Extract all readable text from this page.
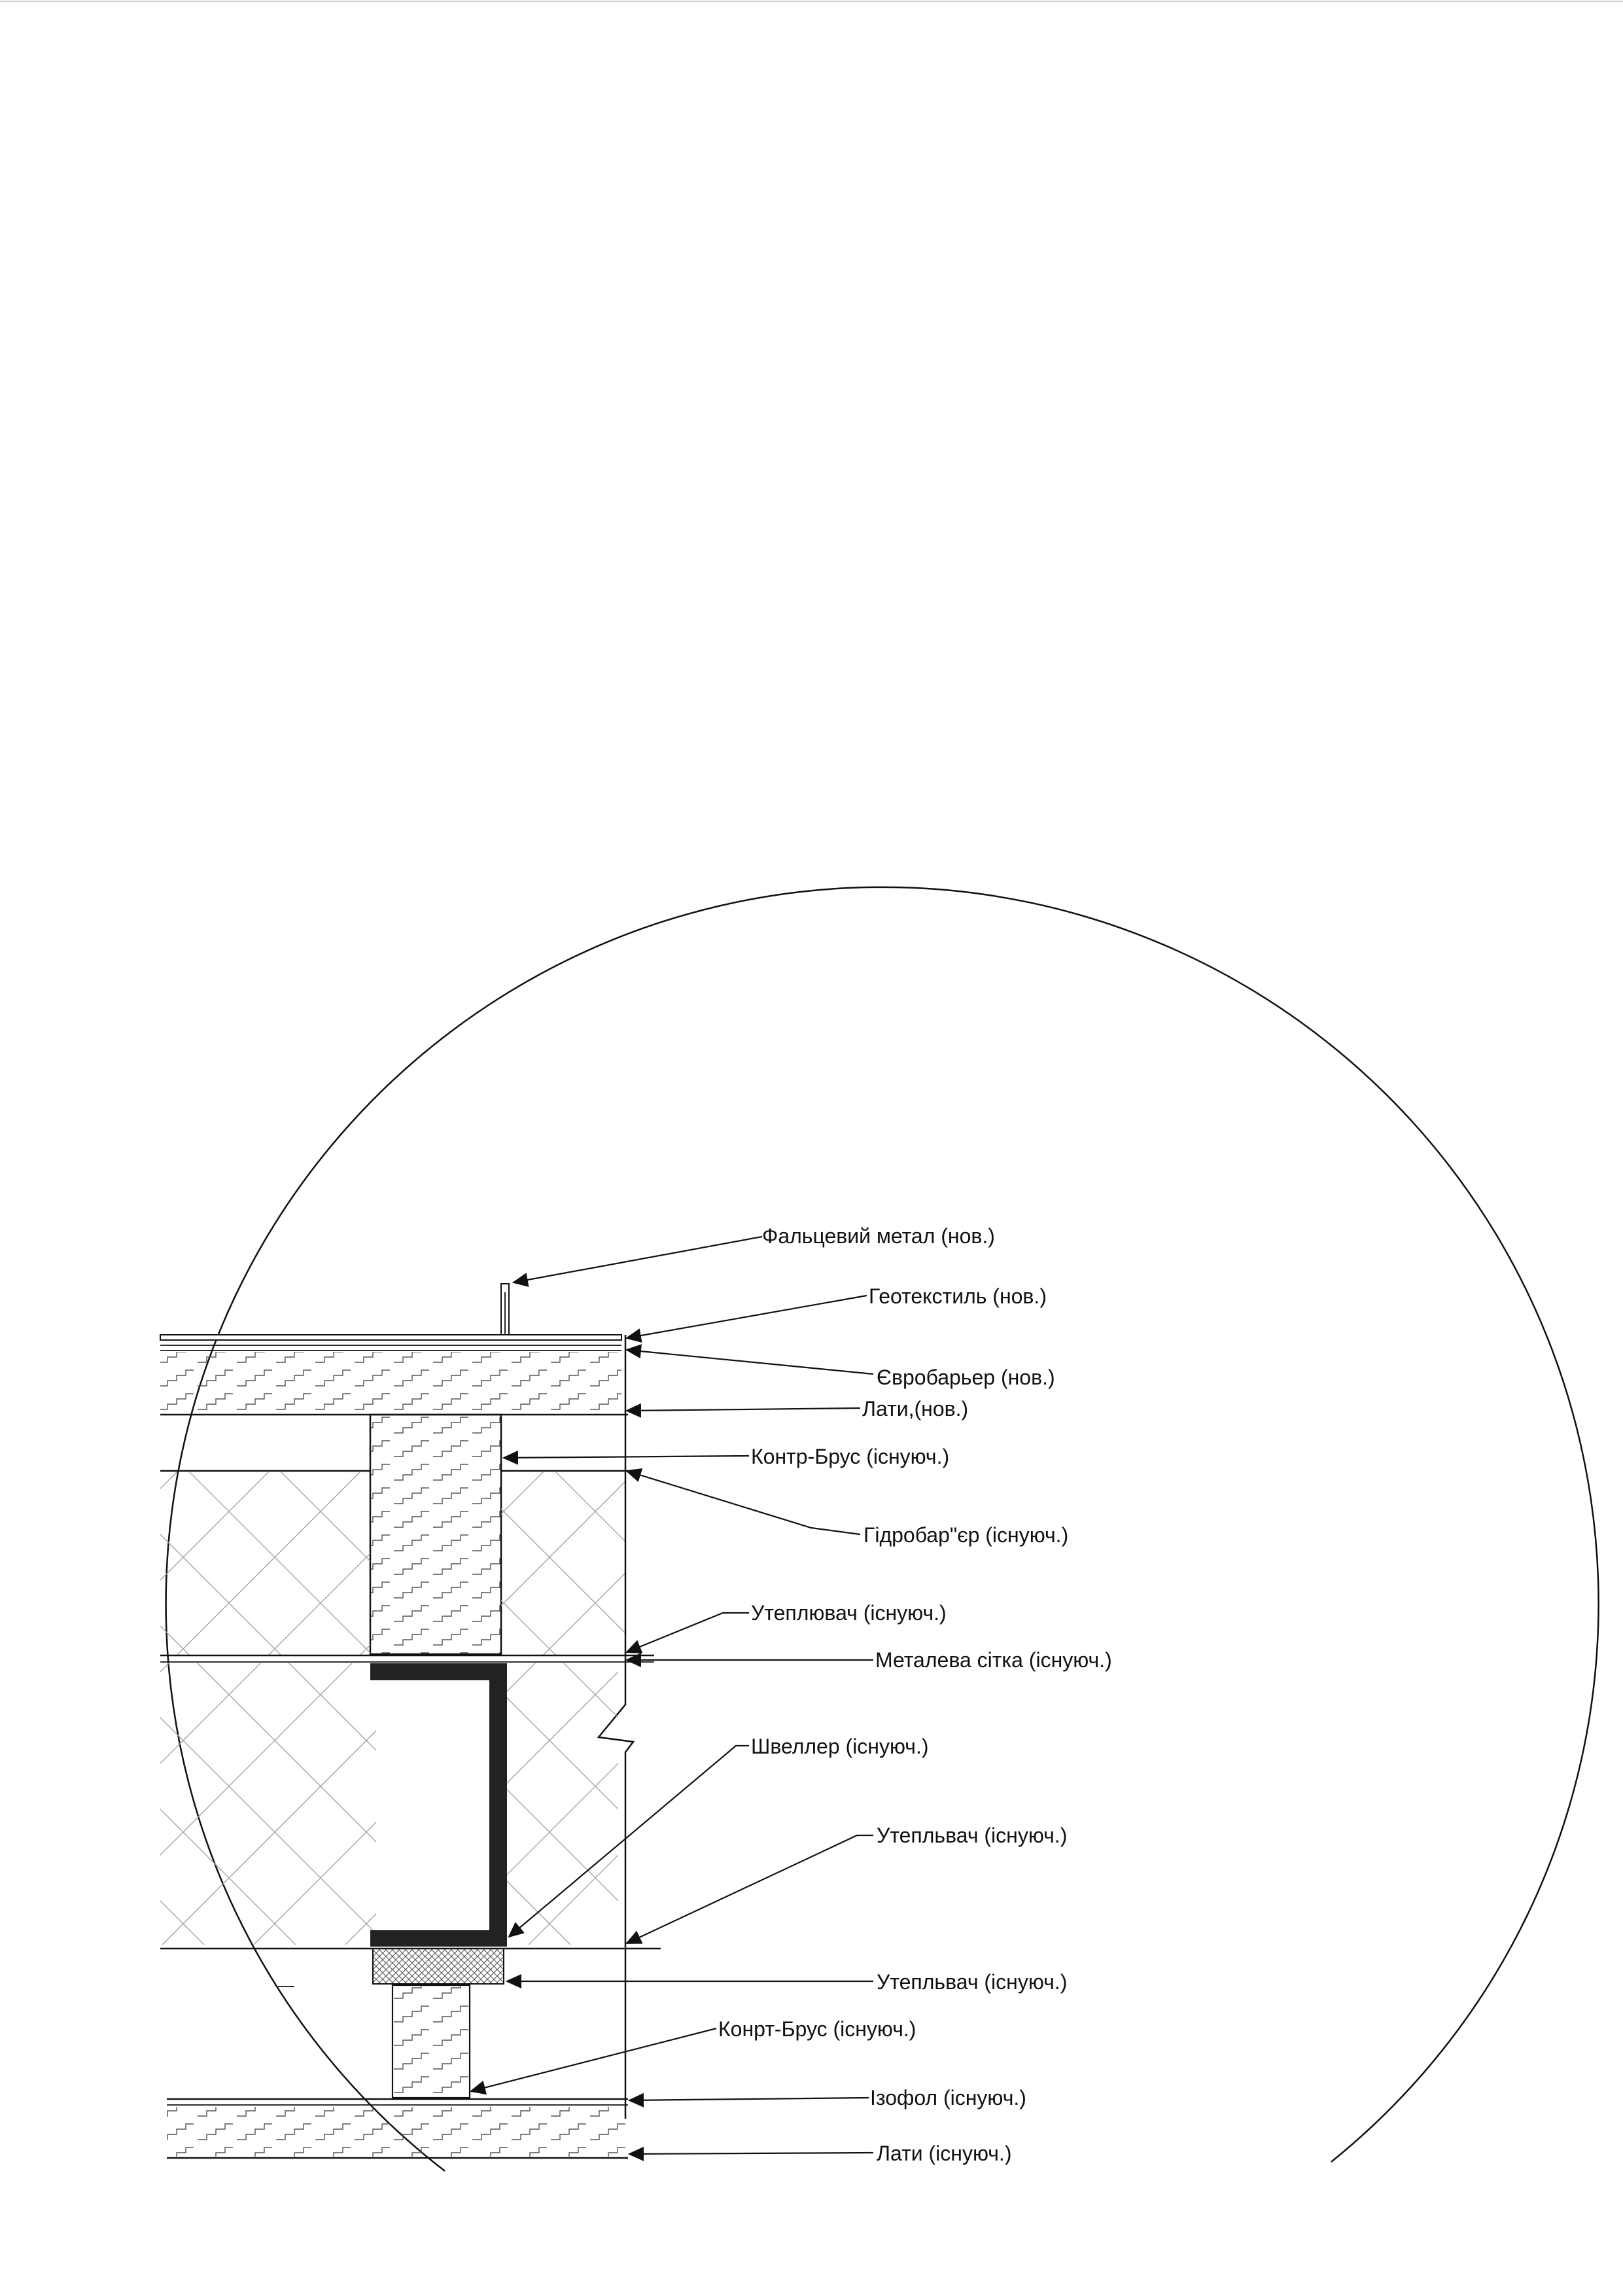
Фальцевий метал (нов.)
Геотекстиль (нов.)
Євробарьер (нов.)
Лати,(нов.)
Контр-Брус (існуюч.)
Гідробар"єр (існуюч.)
Утеплювач (існуюч.)
Металева сітка (існуюч.)
Швеллер (існуюч.)
Утепльвач (існуюч.)
Утепльвач (існуюч.)
Конрт-Брус (існуюч.)
Ізофол (існуюч.)
Лати (існуюч.)
